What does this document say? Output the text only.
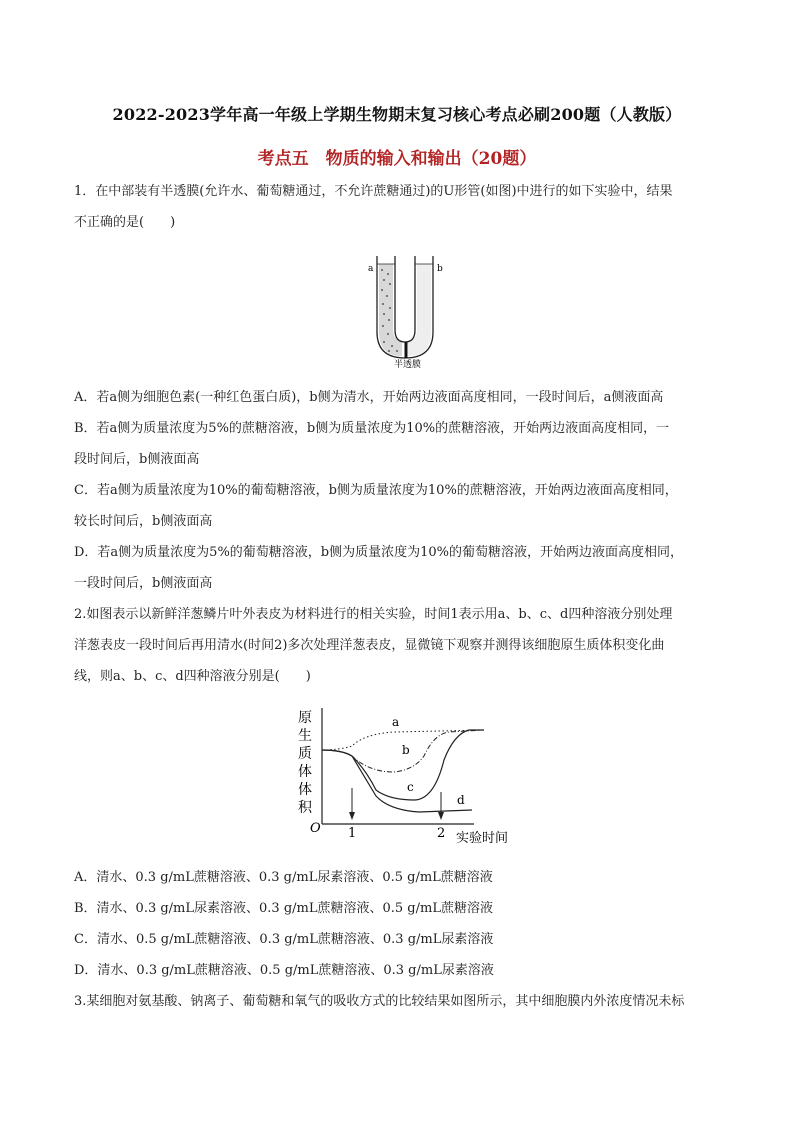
2022-2023学年高一年级上学期生物期末复习核心考点必刷200题（人教版）
考点五　物质的输入和输出（20题）

1．在中部装有半透膜(允许水、葡萄糖通过，不允许蔗糖通过)的U形管(如图)中进行的如下实验中，结果

不正确的是(　　)

a	b
半透膜

A．若a侧为细胞色素(一种红色蛋白质)，b侧为清水，开始两边液面高度相同，一段时间后，a侧液面高

B．若a侧为质量浓度为5%的蔗糖溶液，b侧为质量浓度为10%的蔗糖溶液，开始两边液面高度相同，一

段时间后，b侧液面高

C．若a侧为质量浓度为10%的葡萄糖溶液，b侧为质量浓度为10%的蔗糖溶液，开始两边液面高度相同，

较长时间后，b侧液面高

D．若a侧为质量浓度为5%的葡萄糖溶液，b侧为质量浓度为10%的葡萄糖溶液，开始两边液面高度相同，

一段时间后，b侧液面高

2.如图表示以新鲜洋葱鳞片叶外表皮为材料进行的相关实验，时间1表示用a、b、c、d四种溶液分别处理

洋葱表皮一段时间后再用清水(时间2)多次处理洋葱表皮，显微镜下观察并测得该细胞原生质体积变化曲

线，则a、b、c、d四种溶液分别是(　　)

原
生
质
体
体
积
O 1	2 实验时间
a
b
c
d

A．清水、0.3 g/mL蔗糖溶液、0.3 g/mL尿素溶液、0.5 g/mL蔗糖溶液

B．清水、0.3 g/mL尿素溶液、0.3 g/mL蔗糖溶液、0.5 g/mL蔗糖溶液

C．清水、0.5 g/mL蔗糖溶液、0.3 g/mL蔗糖溶液、0.3 g/mL尿素溶液

D．清水、0.3 g/mL蔗糖溶液、0.5 g/mL蔗糖溶液、0.3 g/mL尿素溶液

3.某细胞对氨基酸、钠离子、葡萄糖和氧气的吸收方式的比较结果如图所示，其中细胞膜内外浓度情况未标
